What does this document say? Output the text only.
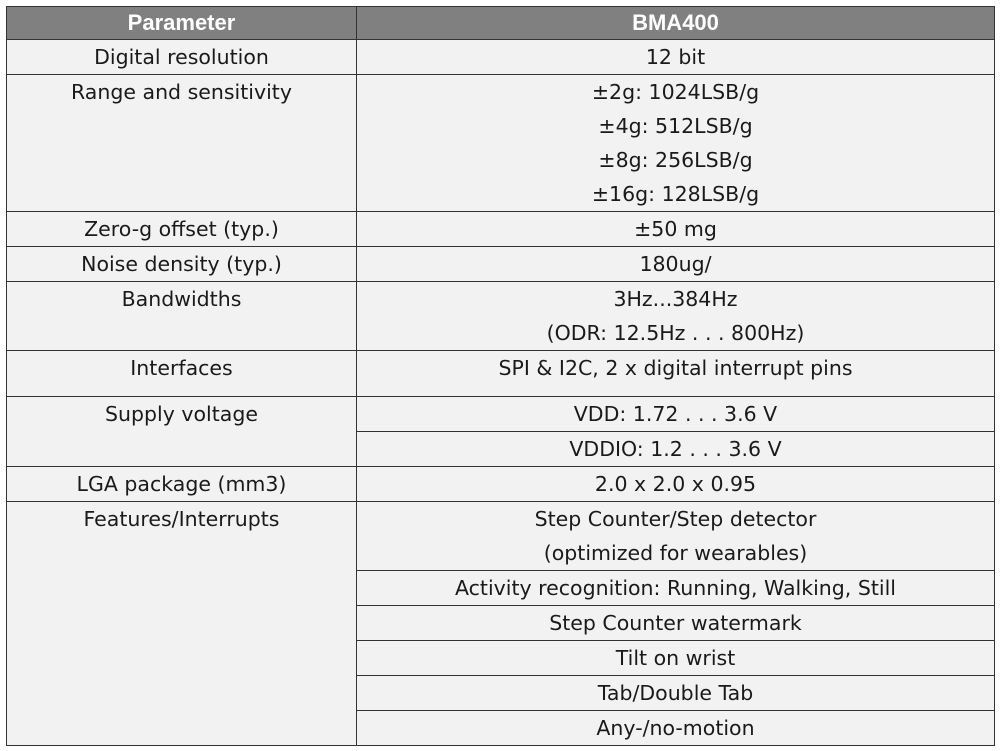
Parameter	BMA400
Digital resolution	12 bit
Range and sensitivity	±2g: 1024LSB/g
±4g: 512LSB/g
±8g: 256LSB/g
±16g: 128LSB/g

Zero-g offset (typ.)	±50 mg
Noise density (typ.)	180ug/
Bandwidths	3Hz...384Hz
(ODR: 12.5Hz . . . 800Hz)

Interfaces	SPI & I2C, 2 x digital interrupt pins
Supply voltage	VDD: 1.72 . . . 3.6 V
	VDDIO: 1.2 . . . 3.6 V
LGA package (mm3)	2.0 x 2.0 x 0.95
Features/Interrupts	Step Counter/Step detector
(optimized for wearables)

	Activity recognition: Running, Walking, Still
	Step Counter watermark
	Tilt on wrist
	Tab/Double Tab
	Any-/no-motion
